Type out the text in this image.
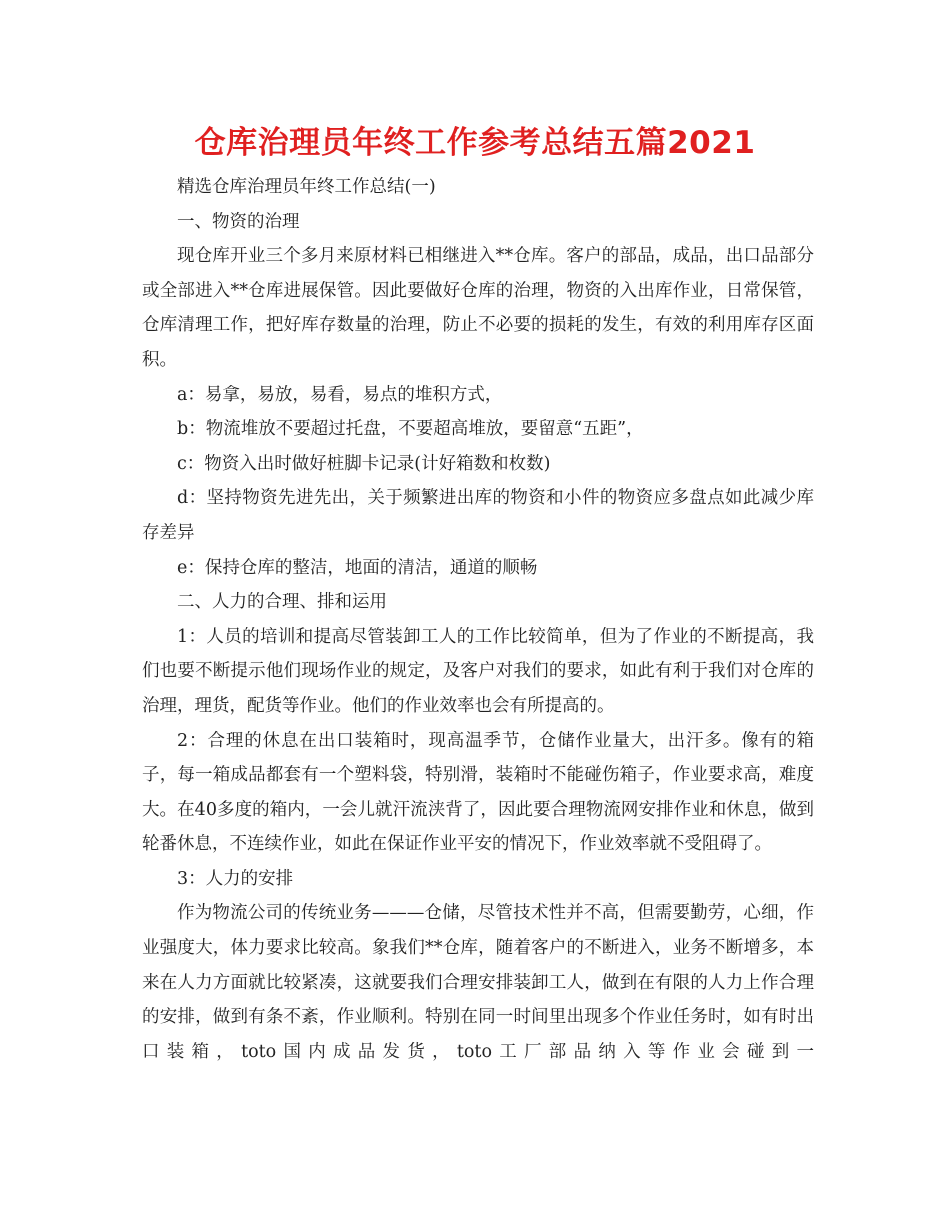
仓库治理员年终工作参考总结五篇2021

精选仓库治理员年终工作总结(一)

一、物资的治理

现仓库开业三个多月来原材料已相继进入**仓库。客户的部品，成品，出口品部分或全部进入**仓库进展保管。因此要做好仓库的治理，物资的入出库作业，日常保管，仓库清理工作，把好库存数量的治理，防止不必要的损耗的发生，有效的利用库存区面积。

a：易拿，易放，易看，易点的堆积方式，

b：物流堆放不要超过托盘，不要超高堆放，要留意“五距”，

c：物资入出时做好桩脚卡记录(计好箱数和枚数)

d：坚持物资先进先出，关于频繁进出库的物资和小件的物资应多盘点如此减少库存差异

e：保持仓库的整洁，地面的清洁，通道的顺畅

二、人力的合理、排和运用

1：人员的培训和提高尽管装卸工人的工作比较简单，但为了作业的不断提高，我们也要不断提示他们现场作业的规定，及客户对我们的要求，如此有利于我们对仓库的治理，理货，配货等作业。他们的作业效率也会有所提高的。

2：合理的休息在出口装箱时，现高温季节，仓储作业量大，出汗多。像有的箱子，每一箱成品都套有一个塑料袋，特别滑，装箱时不能碰伤箱子，作业要求高，难度大。在40多度的箱内，一会儿就汗流浃背了，因此要合理物流网安排作业和休息，做到轮番休息，不连续作业，如此在保证作业平安的情况下，作业效率就不受阻碍了。

3：人力的安排

作为物流公司的传统业务———仓储，尽管技术性并不高，但需要勤劳，心细，作业强度大，体力要求比较高。象我们**仓库，随着客户的不断进入，业务不断增多，本来在人力方面就比较紧凑，这就要我们合理安排装卸工人，做到在有限的人力上作合理的安排，做到有条不紊，作业顺利。特别在同一时间里出现多个作业任务时，如有时出口装箱，toto国内成品发货，toto工厂部品纳入等作业会碰到一
